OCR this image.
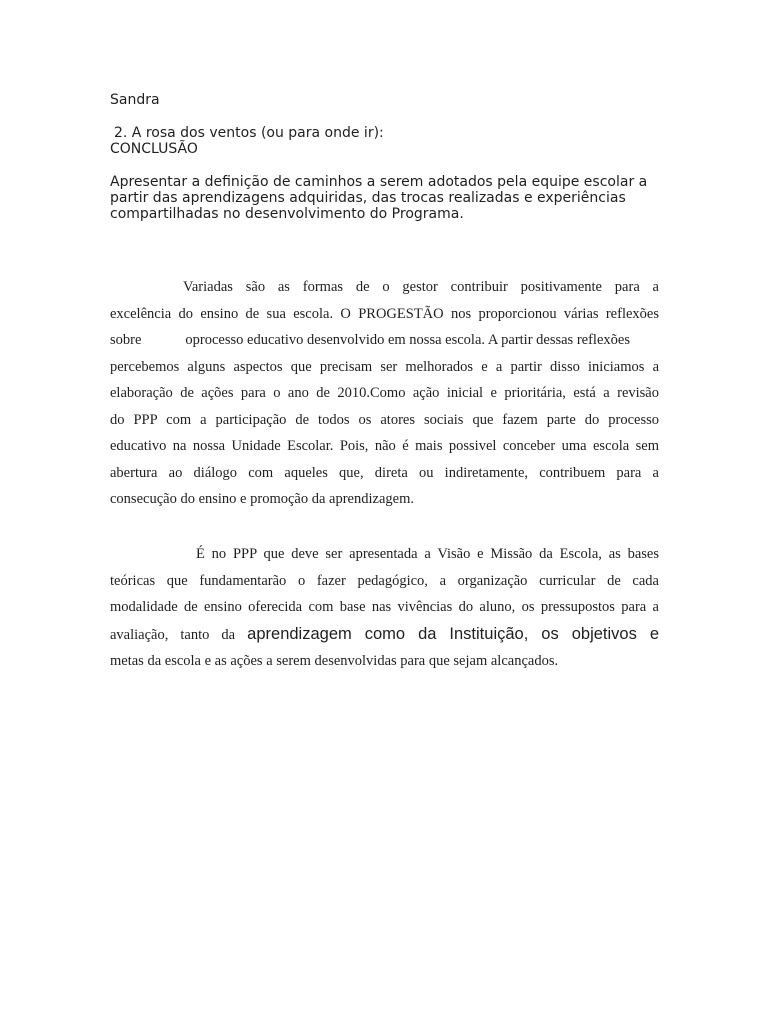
Sandra

2. A rosa dos ventos (ou para onde ir):
CONCLUSÃO

Apresentar a definição de caminhos a serem adotados pela equipe escolar a partir das aprendizagens adquiridas, das trocas realizadas e experiências compartilhadas no desenvolvimento do Programa.

Variadas são as formas de o gestor contribuir positivamente para a
excelência do ensino de sua escola. O PROGESTÃO nos proporcionou várias reflexões
sobre	oprocesso educativo desenvolvido em nossa escola. A partir dessas reflexões
percebemos alguns aspectos que precisam ser melhorados e a partir disso iniciamos a
elaboração de ações para o ano de 2010.Como ação inicial e prioritária, está a revisão
do PPP com a participação de todos os atores sociais que fazem parte do processo
educativo na nossa Unidade Escolar. Pois, não é mais possivel conceber uma escola sem
abertura ao diálogo com aqueles que, direta ou indiretamente, contribuem para a
consecução do ensino e promoção da aprendizagem.

É no PPP que deve ser apresentada a Visão e Missão da Escola, as bases
teóricas que fundamentarão o fazer pedagógico, a organização curricular de cada
modalidade de ensino oferecida com base nas vivências do aluno, os pressupostos para a
avaliação, tanto da aprendizagem como da Instituição, os objetivos e
metas da escola e as ações a serem desenvolvidas para que sejam alcançados.
